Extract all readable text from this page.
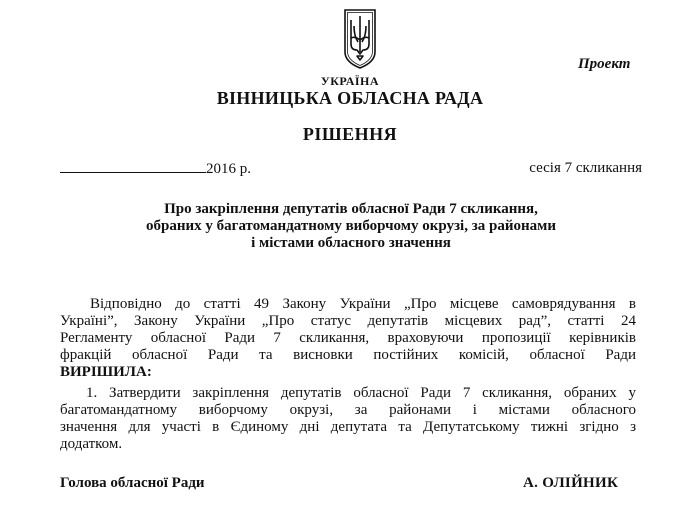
Проект
УКРАЇНА
ВІННИЦЬКА ОБЛАСНА РАДА
РІШЕННЯ
2016 р.	сесія 7 скликання
Про закріплення депутатів обласної Ради 7 скликання,
обраних у багатомандатному виборчому окрузі, за районами
і містами обласного значення
Відповідно до статті 49 Закону України „Про місцеве самоврядування в
Україні”, Закону України „Про статус депутатів місцевих рад”, статті 24
Регламенту обласної Ради 7 скликання, враховуючи пропозиції керівників
фракцій обласної Ради та висновки постійних комісій, обласної Ради
ВИРІШИЛА:
1. Затвердити закріплення депутатів обласної Ради 7 скликання, обраних у
багатомандатному виборчому окрузі, за районами і містами обласного
значення для участі в Єдиному дні депутата та Депутатському тижні згідно з
додатком.
Голова обласної Ради	А. ОЛІЙНИК
